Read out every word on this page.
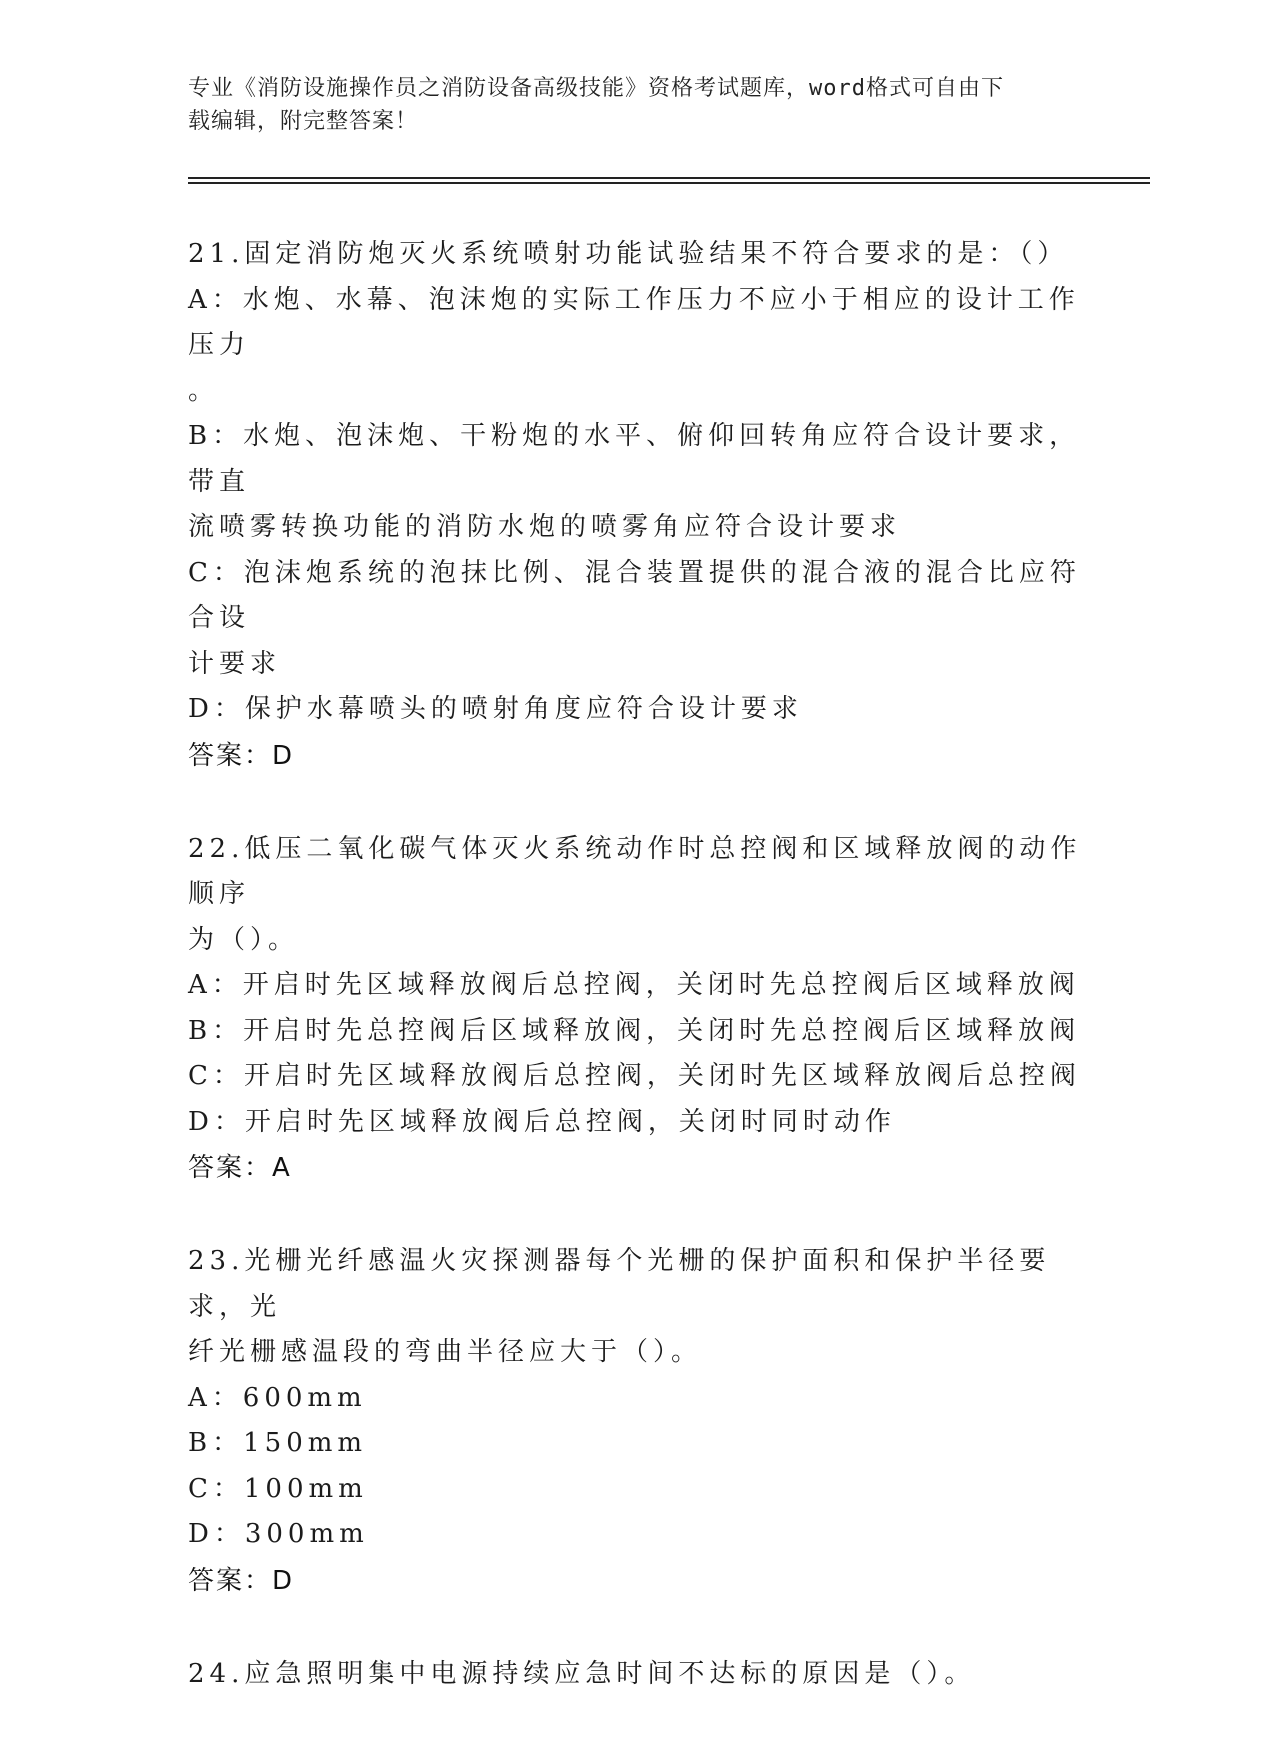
专业《消防设施操作员之消防设备高级技能》资格考试题库，word格式可自由下
载编辑，附完整答案！
21.固定消防炮灭火系统喷射功能试验结果不符合要求的是：（）
A：水炮、水幕、泡沫炮的实际工作压力不应小于相应的设计工作压力
。
B：水炮、泡沫炮、干粉炮的水平、俯仰回转角应符合设计要求，带直
流喷雾转换功能的消防水炮的喷雾角应符合设计要求
C：泡沫炮系统的泡抹比例、混合装置提供的混合液的混合比应符合设
计要求
D：保护水幕喷头的喷射角度应符合设计要求
答案：D
22.低压二氧化碳气体灭火系统动作时总控阀和区域释放阀的动作顺序
为（）。
A：开启时先区域释放阀后总控阀，关闭时先总控阀后区域释放阀
B：开启时先总控阀后区域释放阀，关闭时先总控阀后区域释放阀
C：开启时先区域释放阀后总控阀，关闭时先区域释放阀后总控阀
D：开启时先区域释放阀后总控阀，关闭时同时动作
答案：A
23.光栅光纤感温火灾探测器每个光栅的保护面积和保护半径要求，光
纤光栅感温段的弯曲半径应大于（）。
A：600mm
B：150mm
C：100mm
D：300mm
答案：D
24.应急照明集中电源持续应急时间不达标的原因是（）。
